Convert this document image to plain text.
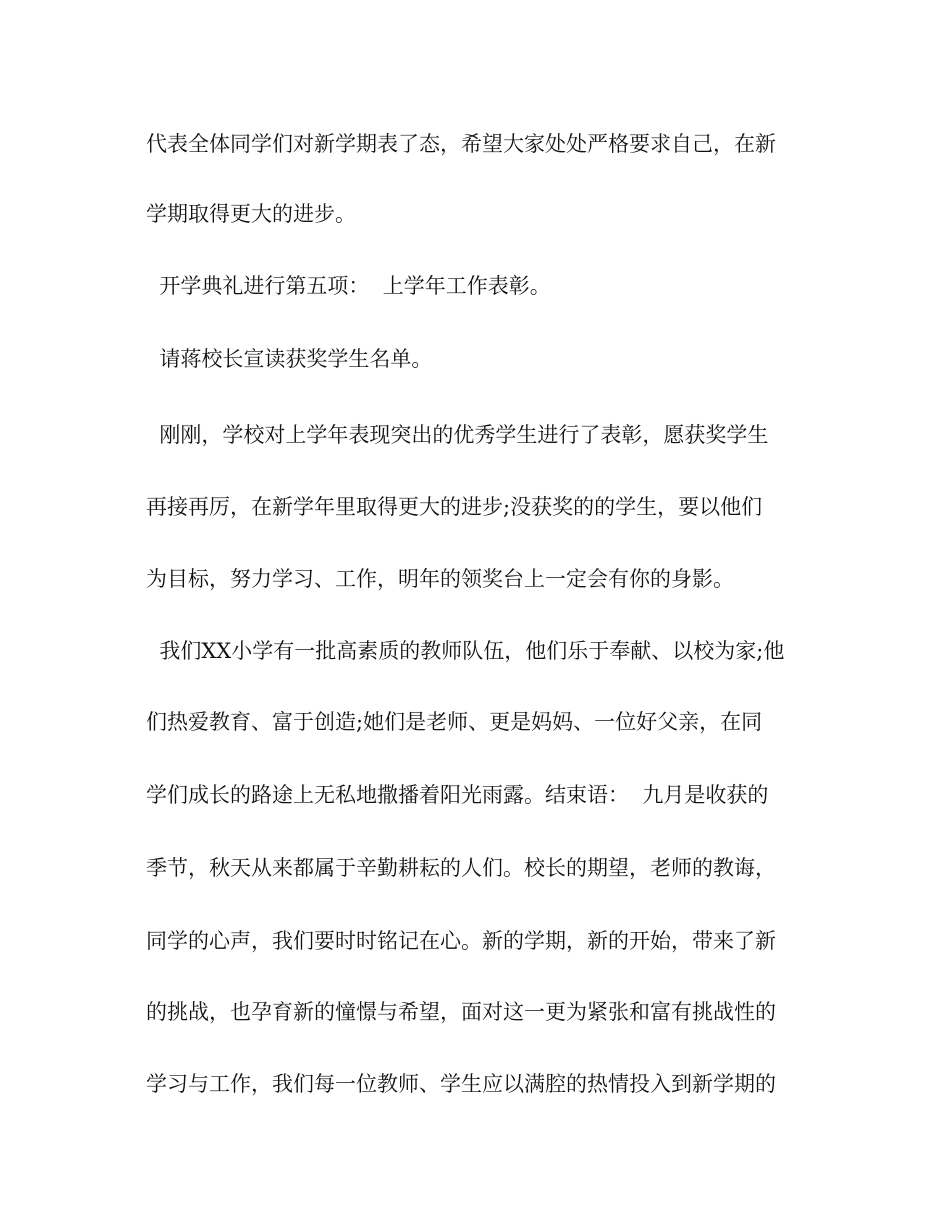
代表全体同学们对新学期表了态，希望大家处处严格要求自己，在新
学期取得更大的进步。
开学典礼进行第五项：  上学年工作表彰。
请蒋校长宣读获奖学生名单。
刚刚，学校对上学年表现突出的优秀学生进行了表彰，愿获奖学生
再接再厉，在新学年里取得更大的进步;没获奖的的学生，要以他们
为目标，努力学习、工作，明年的领奖台上一定会有你的身影。
我们XX小学有一批高素质的教师队伍，他们乐于奉献、以校为家;他
们热爱教育、富于创造;她们是老师、更是妈妈、一位好父亲，在同
学们成长的路途上无私地撒播着阳光雨露。结束语：  九月是收获的
季节，秋天从来都属于辛勤耕耘的人们。校长的期望，老师的教诲，
同学的心声，我们要时时铭记在心。新的学期，新的开始，带来了新
的挑战，也孕育新的憧憬与希望，面对这一更为紧张和富有挑战性的
学习与工作，我们每一位教师、学生应以满腔的热情投入到新学期的
